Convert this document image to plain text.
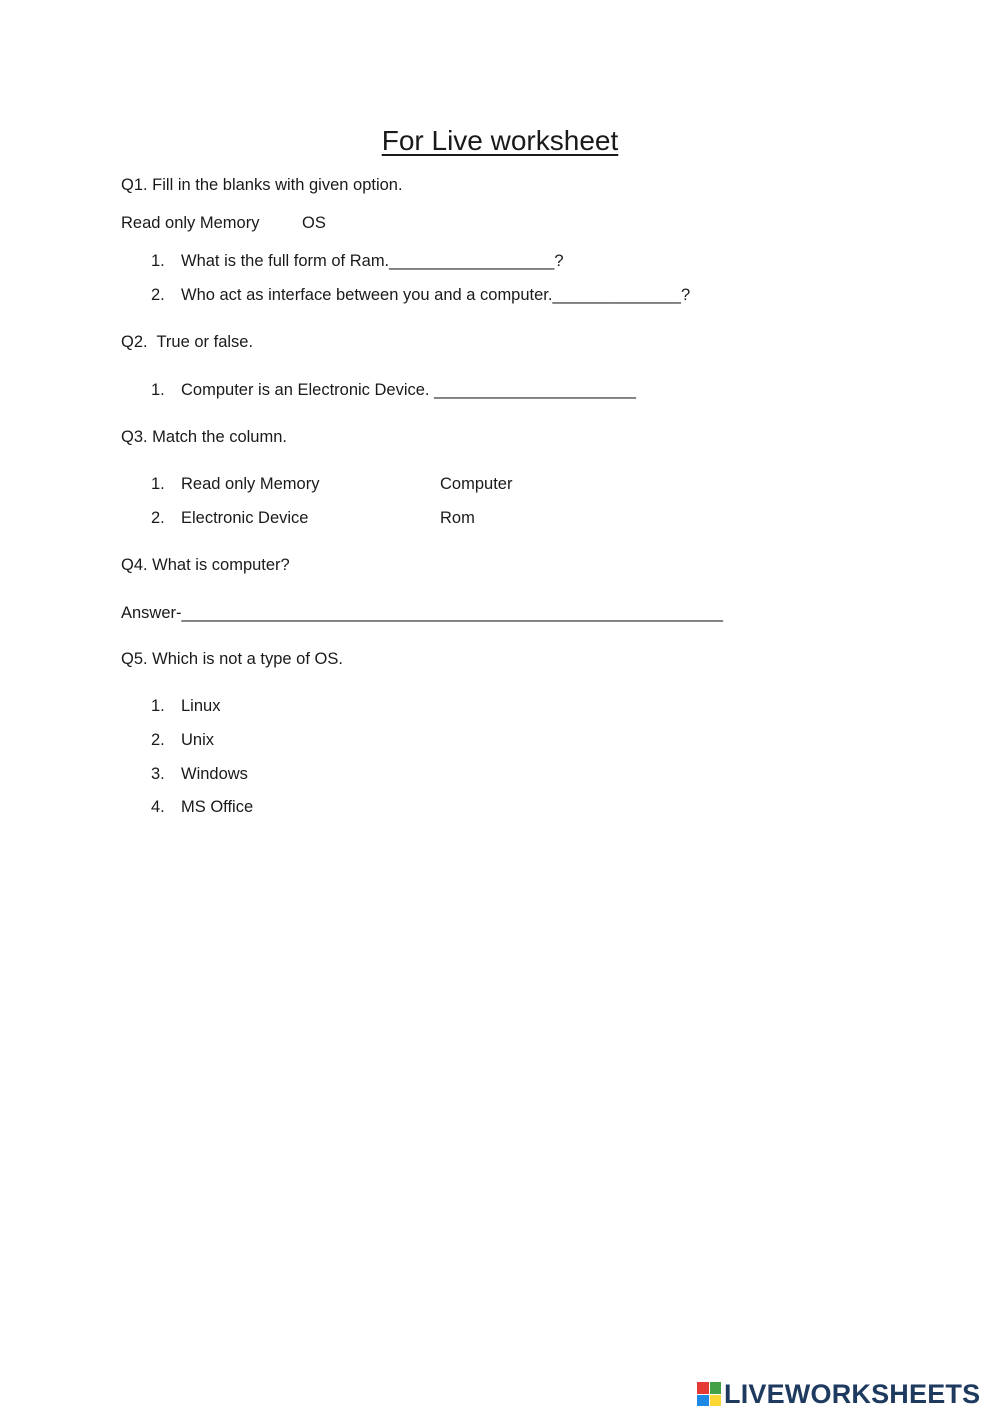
For Live worksheet
Q1. Fill in the blanks with given option.
Read only Memory	OS
1. What is the full form of Ram.__________________?
2. Who act as interface between you and a computer.______________?
Q2.  True or false.
1. Computer is an Electronic Device. ______________________
Q3. Match the column.
1. Read only Memory	Computer
2. Electronic Device	Rom
Q4. What is computer?
Answer-___________________________________________________________
Q5. Which is not a type of OS.
1. Linux
2. Unix
3. Windows
4. MS Office
LIVEWORKSHEETS
